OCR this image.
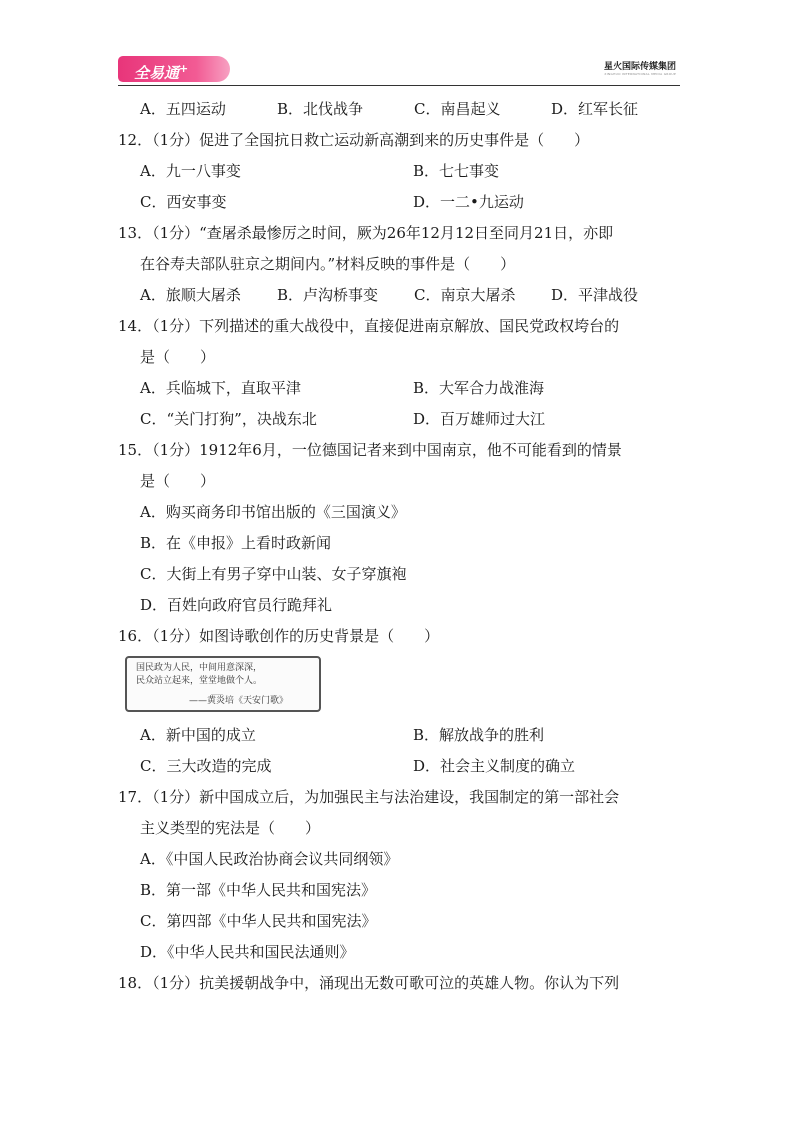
全易通+	星火国际传媒集团
XINGHUO INTERNATIONAL MEDIA GROUP
A．五四运动	B．北伐战争	C．南昌起义	D．红军长征
12．（1分）促进了全国抗日救亡运动新高潮到来的历史事件是（　　）
A．九一八事变	B．七七事变
C．西安事变	D．一二•九运动
13．（1分）“查屠杀最惨厉之时间，厥为26年12月12日至同月21日，亦即
在谷寿夫部队驻京之期间内。”材料反映的事件是（　　）
A．旅顺大屠杀	B．卢沟桥事变	C．南京大屠杀	D．平津战役
14．（1分）下列描述的重大战役中，直接促进南京解放、国民党政权垮台的
是（　　）
A．兵临城下，直取平津	B．大军合力战淮海
C．“关门打狗”，决战东北	D．百万雄师过大江
15．（1分）1912年6月，一位德国记者来到中国南京，他不可能看到的情景
是（　　）
A．购买商务印书馆出版的《三国演义》
B．在《申报》上看时政新闻
C．大街上有男子穿中山装、女子穿旗袍
D．百姓向政府官员行跪拜礼
16．（1分）如图诗歌创作的历史背景是（　　）
国民政为人民，中间用意深深，
民众站立起来，堂堂地做个人。
……
——黄炎培《天安门歌》
A．新中国的成立	B．解放战争的胜利
C．三大改造的完成	D．社会主义制度的确立
17．（1分）新中国成立后，为加强民主与法治建设，我国制定的第一部社会
主义类型的宪法是（　　）
A．《中国人民政治协商会议共同纲领》
B．第一部《中华人民共和国宪法》
C．第四部《中华人民共和国宪法》
D．《中华人民共和国民法通则》
18．（1分）抗美援朝战争中，涌现出无数可歌可泣的英雄人物。你认为下列
